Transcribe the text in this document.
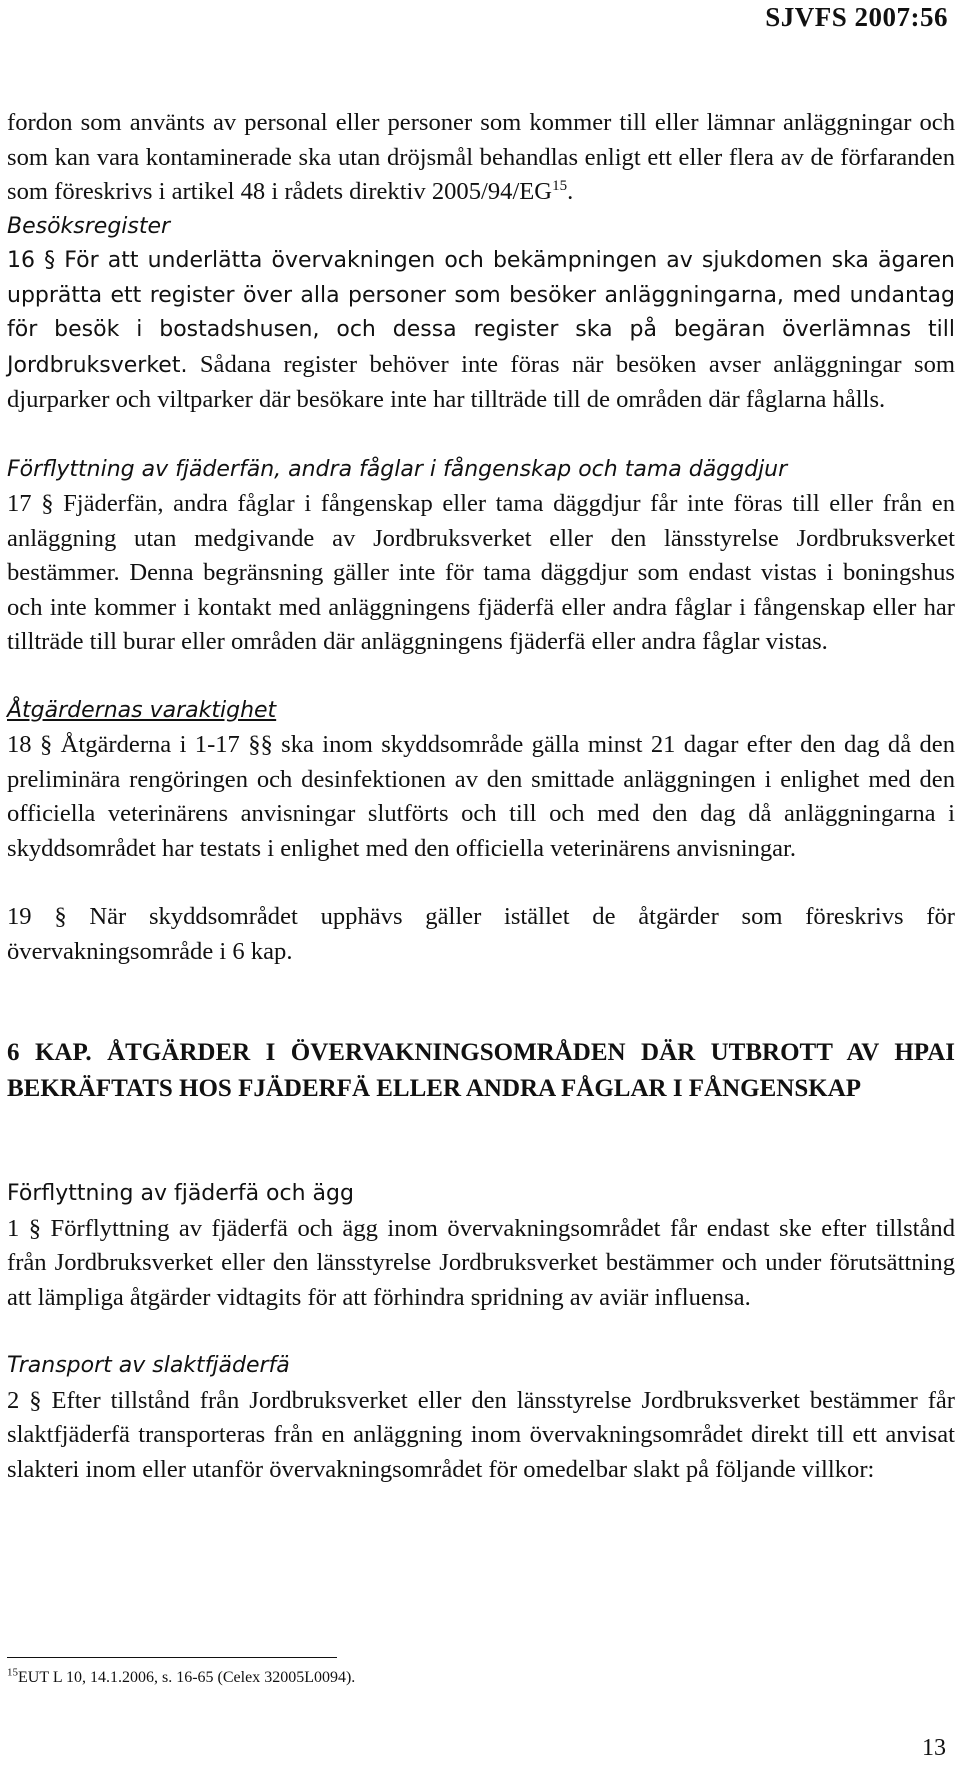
SJVFS 2007:56

fordon som använts av personal eller personer som kommer till eller lämnar anläggningar och som kan vara kontaminerade ska utan dröjsmål behandlas enligt ett eller flera av de förfaranden som föreskrivs i artikel 48 i rådets direktiv 2005/94/EG$^{15}$.

Besöksregister

16 § För att underlätta övervakningen och bekämpningen av sjukdomen ska ägaren upprätta ett register över alla personer som besöker anläggningarna, med undantag för besök i bostadshusen, och dessa register ska på begäran överlämnas till Jordbruksverket. Sådana register behöver inte föras när besöken avser anläggningar som djurparker och viltparker där besökare inte har tillträde till de områden där fåglarna hålls.

Förflyttning av fjäderfän, andra fåglar i fångenskap och tama däggdjur

17 § Fjäderfän, andra fåglar i fångenskap eller tama däggdjur får inte föras till eller från en anläggning utan medgivande av Jordbruksverket eller den länsstyrelse Jordbruksverket bestämmer. Denna begränsning gäller inte för tama däggdjur som endast vistas i boningshus och inte kommer i kontakt med anläggningens fjäderfä eller andra fåglar i fångenskap eller har tillträde till burar eller områden där anläggningens fjäderfä eller andra fåglar vistas.

Åtgärdernas varaktighet

18 § Åtgärderna i 1-17 §§ ska inom skyddsområde gälla minst 21 dagar efter den dag då den preliminära rengöringen och desinfektionen av den smittade anläggningen i enlighet med den officiella veterinärens anvisningar slutförts och till och med den dag då anläggningarna i skyddsområdet har testats i enlighet med den officiella veterinärens anvisningar.

19 § När skyddsområdet upphävs gäller istället de åtgärder som föreskrivs för övervakningsområde i 6 kap.

6 KAP. ÅTGÄRDER I ÖVERVAKNINGSOMRÅDEN DÄR UTBROTT AV HPAI BEKRÄFTATS HOS FJÄDERFÄ ELLER ANDRA FÅGLAR I FÅNGENSKAP

Förflyttning av fjäderfä och ägg

1 § Förflyttning av fjäderfä och ägg inom övervakningsområdet får endast ske efter tillstånd från Jordbruksverket eller den länsstyrelse Jordbruksverket bestämmer och under förutsättning att lämpliga åtgärder vidtagits för att förhindra spridning av aviär influensa.

Transport av slaktfjäderfä

2 § Efter tillstånd från Jordbruksverket eller den länsstyrelse Jordbruksverket bestämmer får slaktfjäderfä transporteras från en anläggning inom övervakningsområdet direkt till ett anvisat slakteri inom eller utanför övervakningsområdet för omedelbar slakt på följande villkor:

$^{15}$EUT L 10, 14.1.2006, s. 16-65 (Celex 32005L0094).
13
